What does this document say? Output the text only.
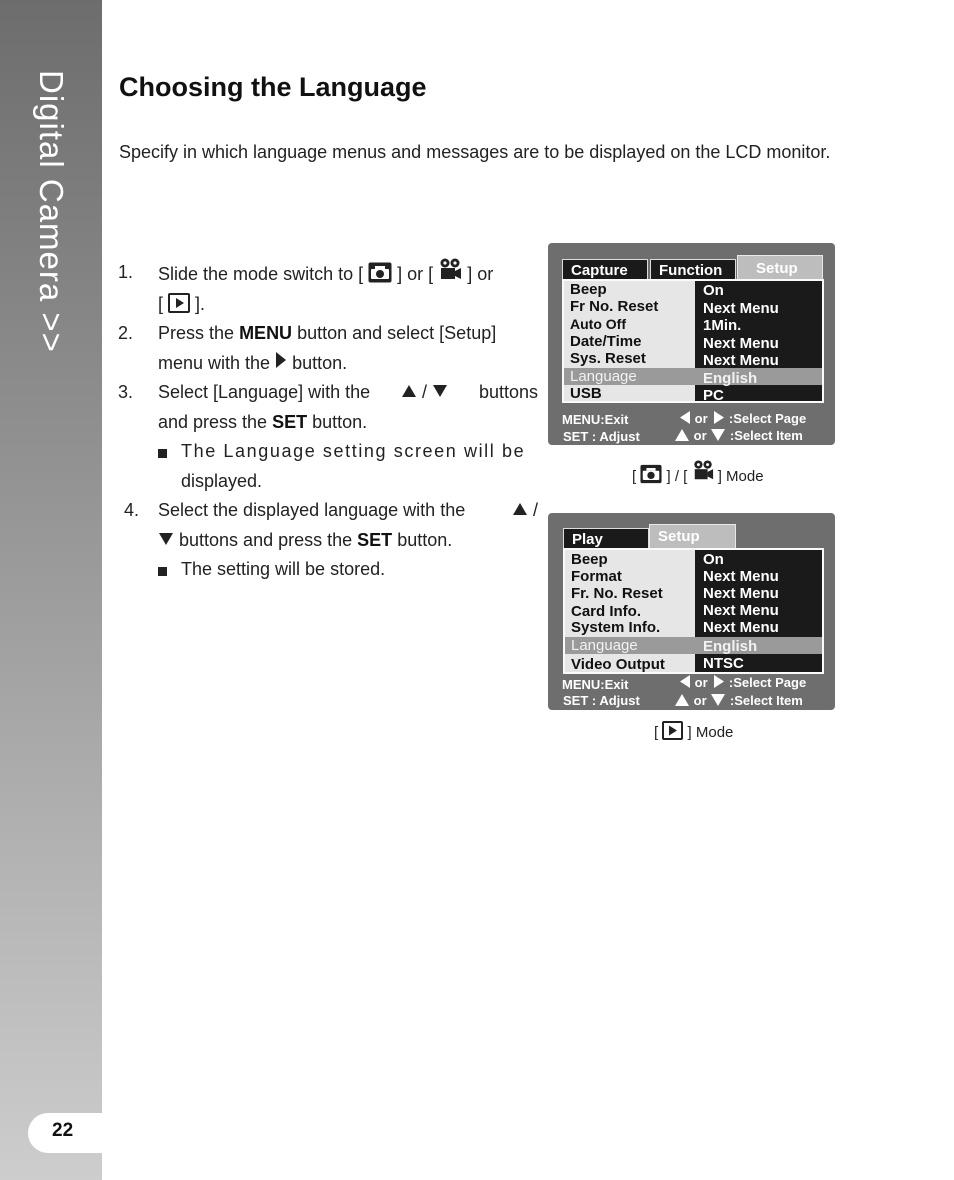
Digital Camera >>
22
Choosing the Language

Specify in which language menus and messages are to be displayed on the LCD monitor.

1. Slide the mode switch to [ ] or [ ] or
[ ].
2. Press the MENU button and select [Setup]
menu with the button.
3. Select [Language] with the	/	buttons
and press the SET button.
The Language setting screen will be
displayed.
4. Select the displayed language with the	/
buttons and press the SET button.
The setting will be stored.
Capture	Function	Setup
Beep	On
Fr No. Reset	Next Menu
Auto Off	1Min.
Date/Time	Next Menu
Sys. Reset	Next Menu
Language	English
USB	PC
MENU:Exit
SET : Adjust
or :Select Page
or :Select Item
[ ] / [ ] Mode
Play	Setup
Beep	On
Format	Next Menu
Fr. No. Reset	Next Menu
Card Info.	Next Menu
System Info.	Next Menu
Language	English
Video Output	NTSC
MENU:Exit
SET : Adjust
or :Select Page
or :Select Item
[ ] Mode
